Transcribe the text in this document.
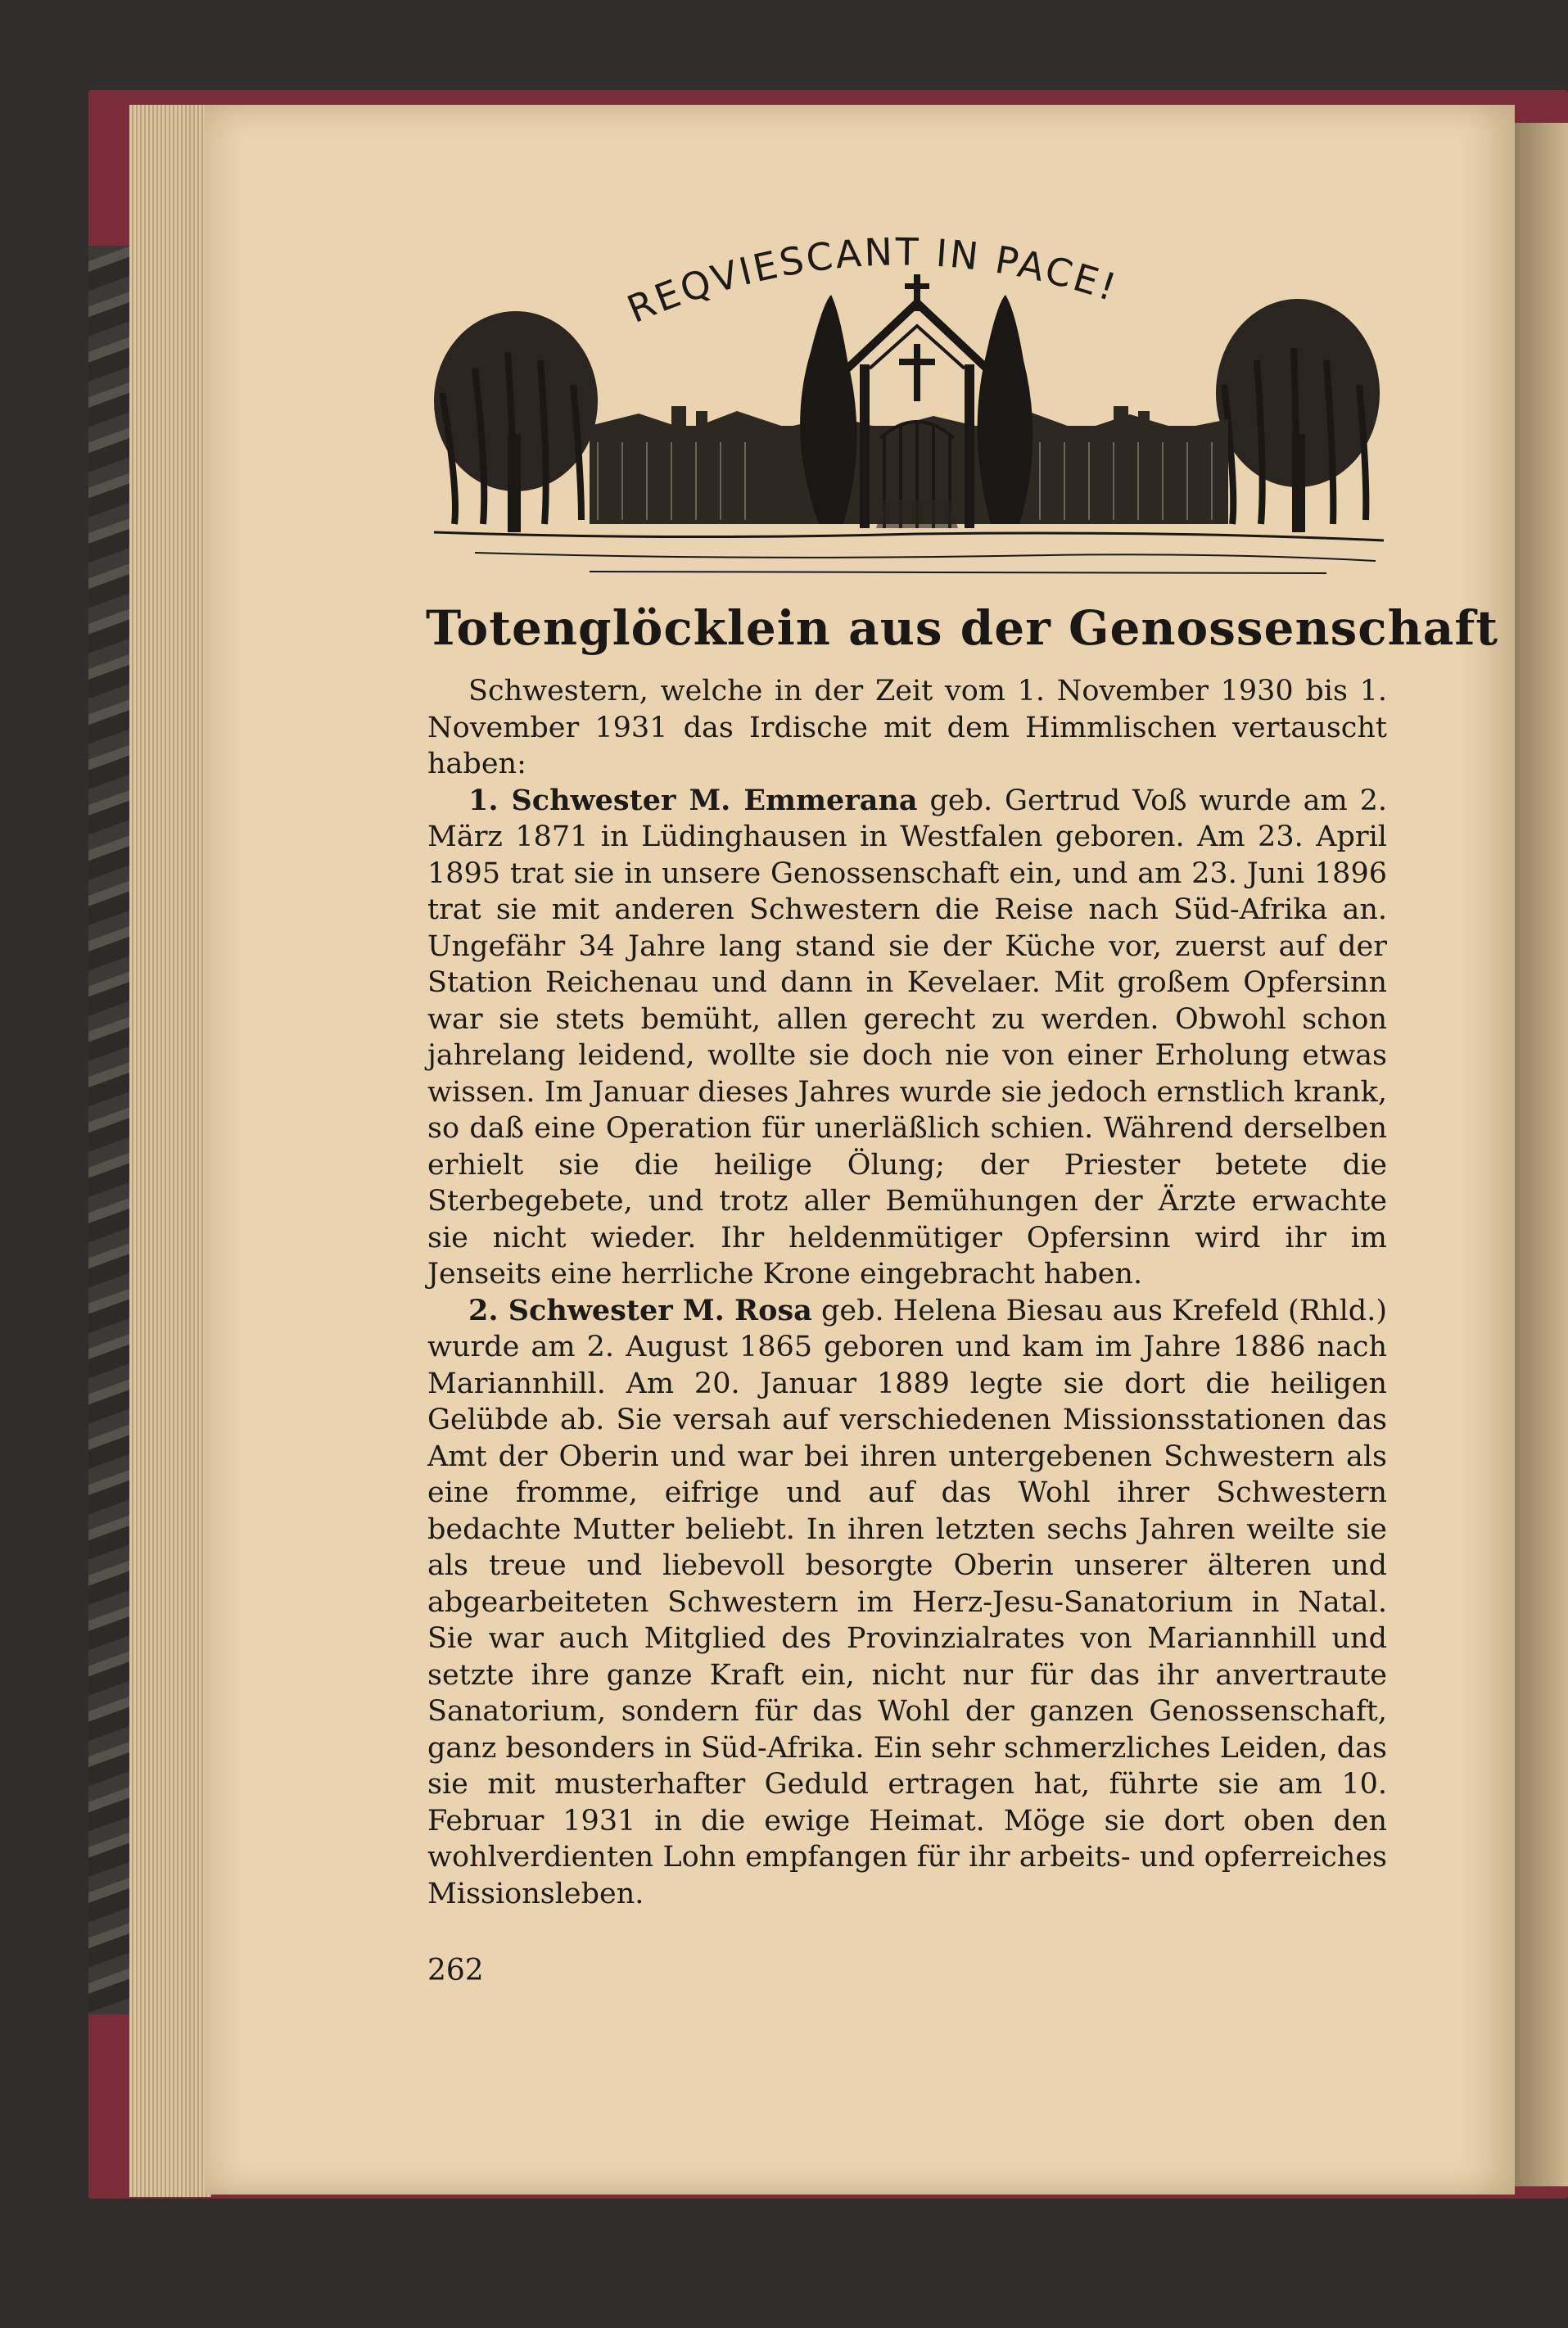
REQVIESCANT IN PACE!
Totenglöcklein aus der Genossenschaft

Schwestern, welche in der Zeit vom 1. November 1930 bis 1. November 1931 das Irdische mit dem Himmlischen vertauscht haben:

1. Schwester M. Emmerana geb. Gertrud Voß wurde am 2. März 1871 in Lüdinghausen in Westfalen geboren. Am 23. April 1895 trat sie in unsere Genossenschaft ein, und am 23. Juni 1896 trat sie mit anderen Schwestern die Reise nach Süd-Afrika an. Ungefähr 34 Jahre lang stand sie der Küche vor, zuerst auf der Station Reichenau und dann in Kevelaer. Mit großem Opfersinn war sie stets bemüht, allen gerecht zu werden. Obwohl schon jahrelang leidend, wollte sie doch nie von einer Erholung etwas wissen. Im Januar dieses Jahres wurde sie jedoch ernstlich krank, so daß eine Operation für unerläßlich schien. Während derselben erhielt sie die heilige Ölung; der Priester betete die Sterbegebete, und trotz aller Bemühungen der Ärzte erwachte sie nicht wieder. Ihr heldenmütiger Opfersinn wird ihr im Jenseits eine herrliche Krone eingebracht haben.

2. Schwester M. Rosa geb. Helena Biesau aus Krefeld (Rhld.) wurde am 2. August 1865 geboren und kam im Jahre 1886 nach Mariannhill. Am 20. Januar 1889 legte sie dort die heiligen Gelübde ab. Sie versah auf verschiedenen Missionsstationen das Amt der Oberin und war bei ihren untergebenen Schwestern als eine fromme, eifrige und auf das Wohl ihrer Schwestern bedachte Mutter beliebt. In ihren letzten sechs Jahren weilte sie als treue und liebevoll besorgte Oberin unserer älteren und abgearbeiteten Schwestern im Herz-Jesu-Sanatorium in Natal. Sie war auch Mitglied des Provinzialrates von Mariannhill und setzte ihre ganze Kraft ein, nicht nur für das ihr anvertraute Sanatorium, sondern für das Wohl der ganzen Genossenschaft, ganz besonders in Süd-Afrika. Ein sehr schmerzliches Leiden, das sie mit musterhafter Geduld ertragen hat, führte sie am 10. Februar 1931 in die ewige Heimat. Möge sie dort oben den wohlverdienten Lohn empfangen für ihr arbeits- und opferreiches Missionsleben.

262
